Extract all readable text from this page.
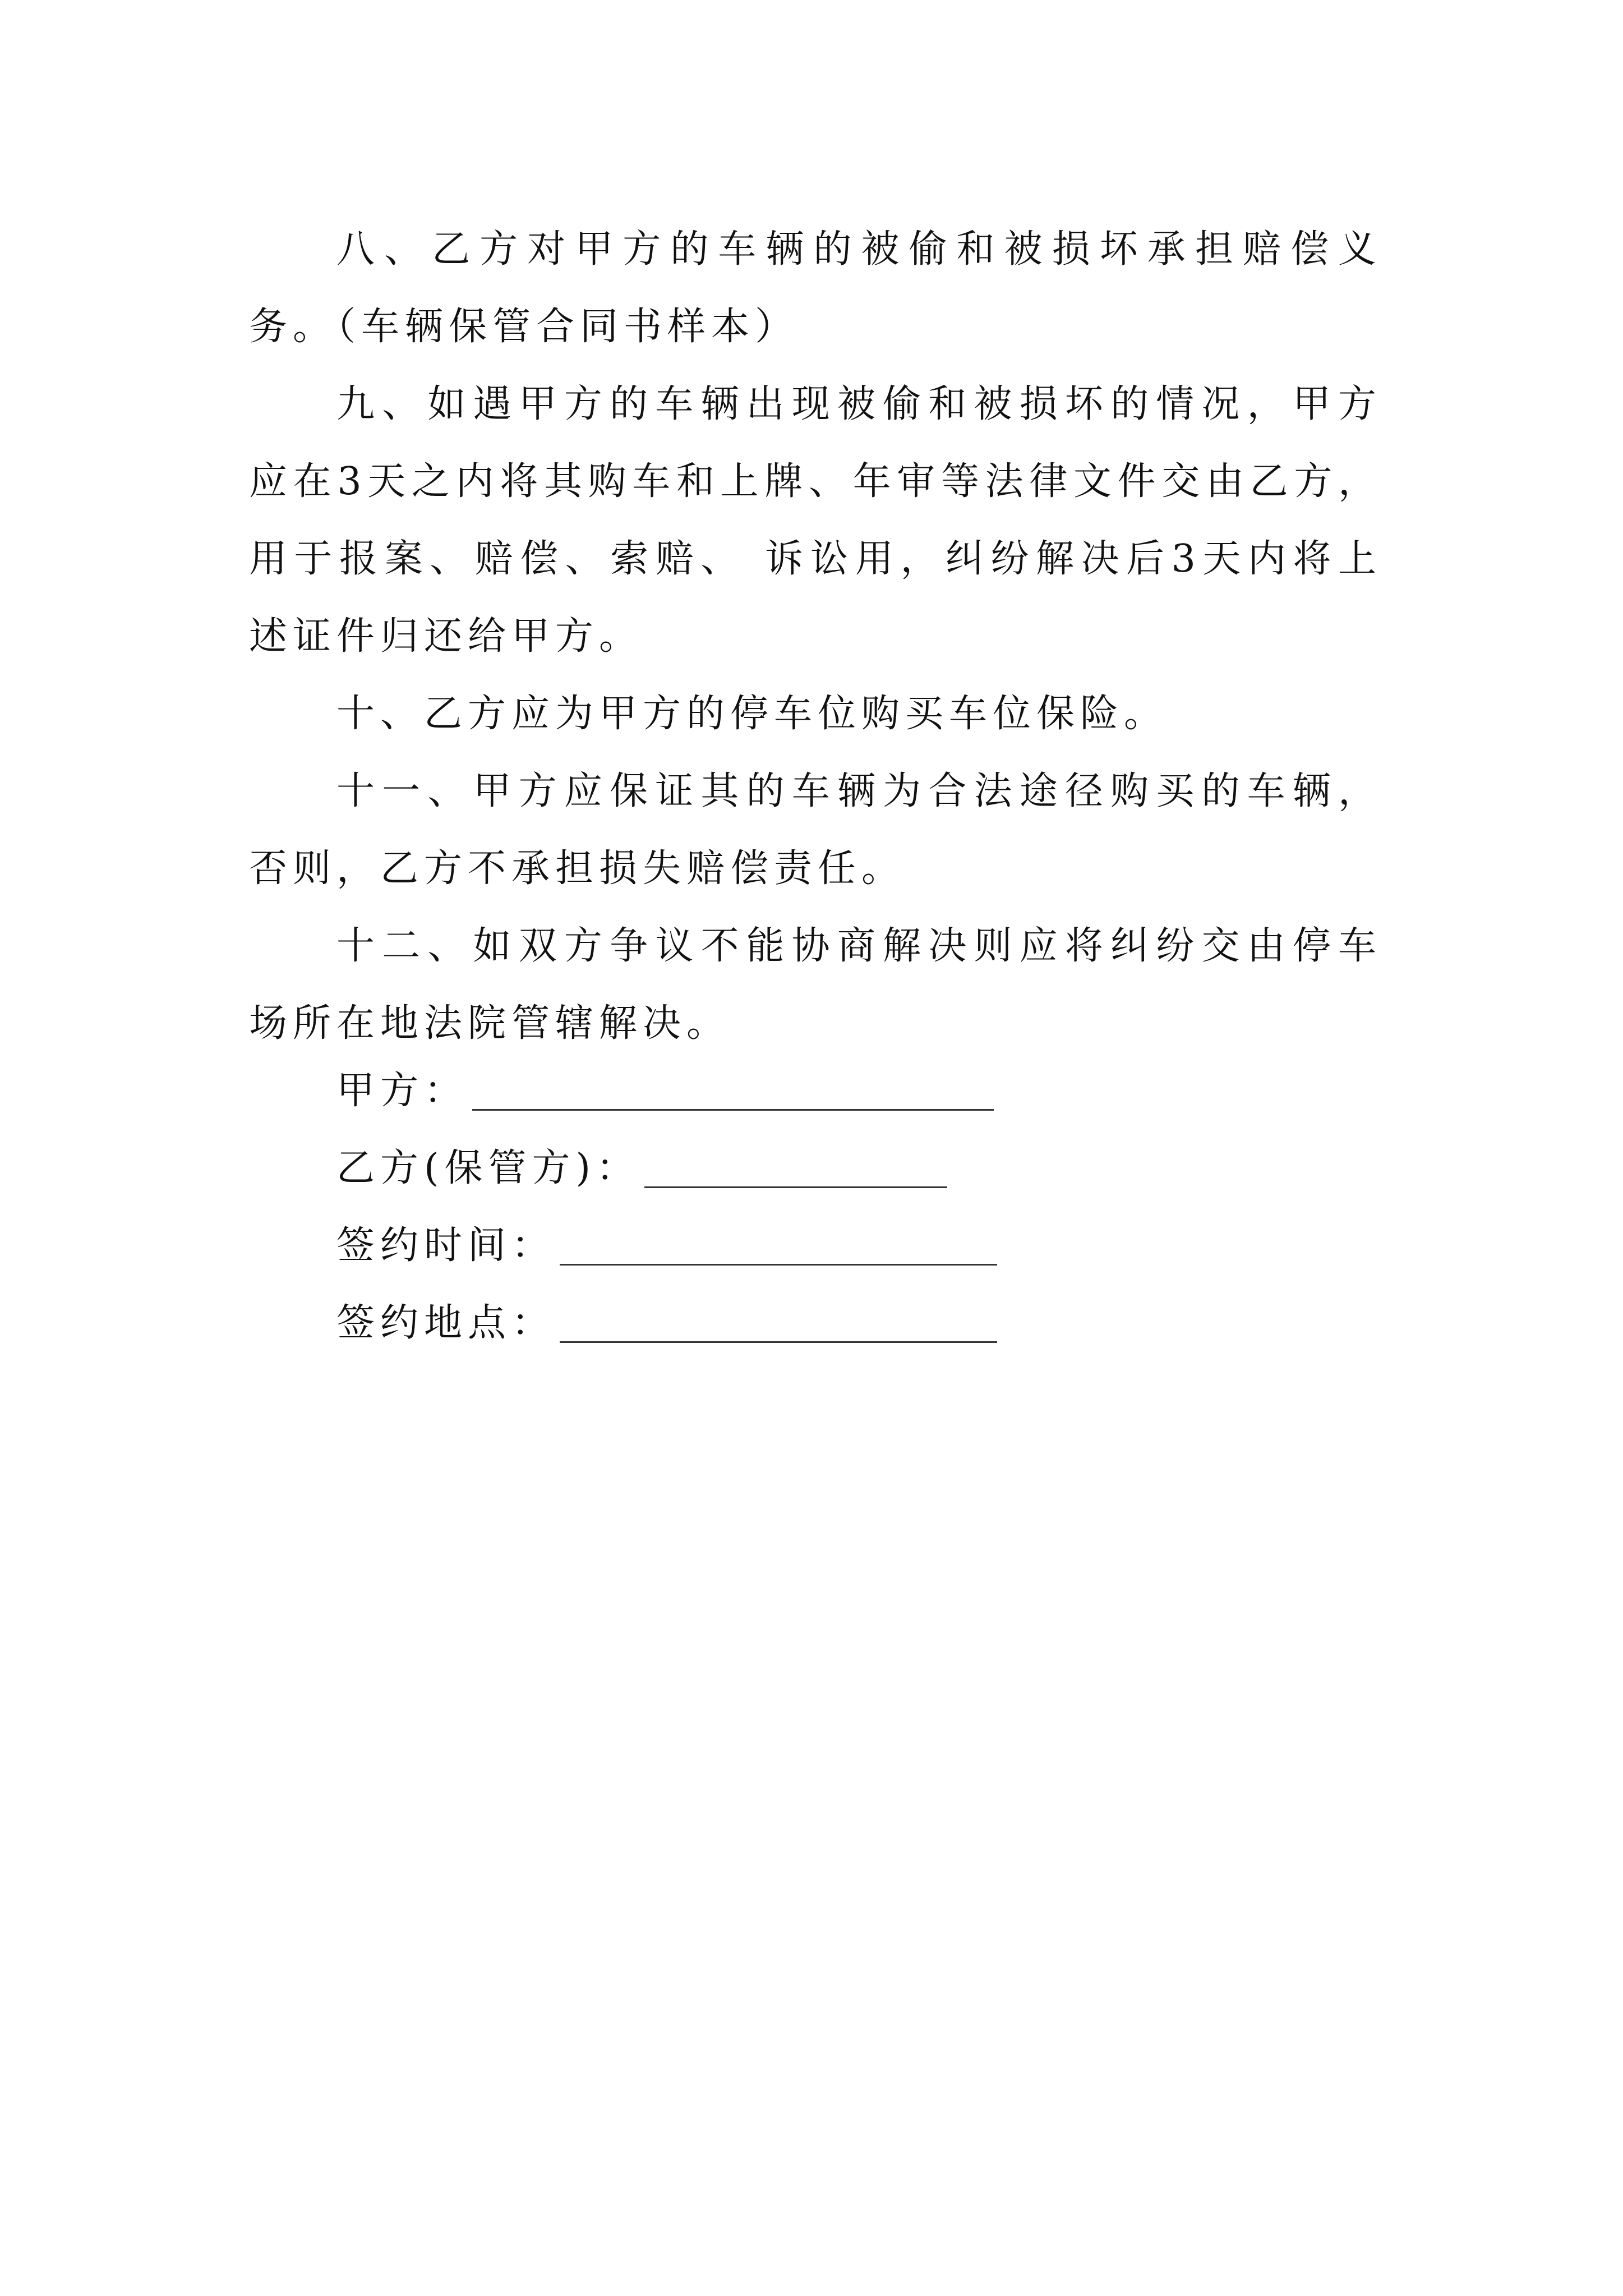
八、乙方对甲方的车辆的被偷和被损坏承担赔偿义务。（车辆保管合同书样本）

九、如遇甲方的车辆出现被偷和被损坏的情况，甲方应在3天之内将其购车和上牌、年审等法律文件交由乙方，用于报案、赔偿、索赔、 诉讼用，纠纷解决后3天内将上述证件归还给甲方。

十、乙方应为甲方的停车位购买车位保险。

十一、甲方应保证其的车辆为合法途径购买的车辆，否则，乙方不承担损失赔偿责任。

十二、如双方争议不能协商解决则应将纠纷交由停车场所在地法院管辖解决。

甲方：
乙方(保管方)：
签约时间：
签约地点：
